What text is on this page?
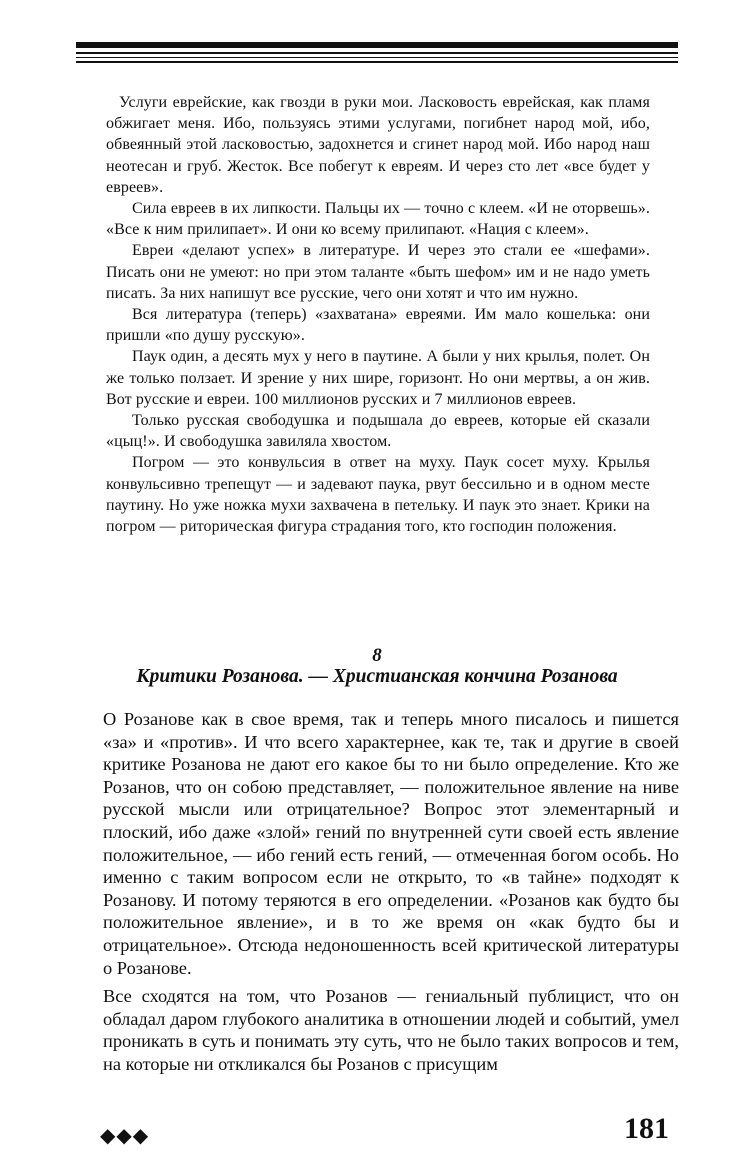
Услуги еврейские, как гвозди в руки мои. Ласковость еврейская, как пламя обжигает меня. Ибо, пользуясь этими услугами, погибнет народ мой, ибо, обвеянный этой ласковостью, задохнется и сгинет народ мой. Ибо народ наш неотесан и груб. Жесток. Все побегут к евреям. И через сто лет «все будет у евреев».

Сила евреев в их липкости. Пальцы их — точно с клеем. «И не оторвешь». «Все к ним прилипает». И они ко всему прилипают. «Нация с клеем».

Евреи «делают успех» в литературе. И через это стали ее «шефами». Писать они не умеют: но при этом таланте «быть шефом» им и не надо уметь писать. За них напишут все русские, чего они хотят и что им нужно.

Вся литература (теперь) «захватана» евреями. Им мало кошелька: они пришли «по душу русскую».

Паук один, а десять мух у него в паутине. А были у них крылья, полет. Он же только ползает. И зрение у них шире, горизонт. Но они мертвы, а он жив. Вот русские и евреи. 100 миллионов русских и 7 миллионов евреев.

Только русская свободушка и подышала до евреев, которые ей сказали «цыц!». И свободушка завиляла хвостом.

Погром — это конвульсия в ответ на муху. Паук сосет муху. Крылья конвульсивно трепещут — и задевают паука, рвут бессильно и в одном месте паутину. Но уже ножка мухи захвачена в петельку. И паук это знает. Крики на погром — риторическая фигура страдания того, кто господин положения.

8
Критики Розанова. — Христианская кончина Розанова

О Розанове как в свое время, так и теперь много писалось и пишется «за» и «против». И что всего характернее, как те, так и другие в своей критике Розанова не дают его какое бы то ни было определение. Кто же Розанов, что он собою представляет, — положительное явление на ниве русской мысли или отрицательное? Вопрос этот элементарный и плоский, ибо даже «злой» гений по внутренней сути своей есть явление положительное, — ибо гений есть гений, — отмеченная богом особь. Но именно с таким вопросом если не открыто, то «в тайне» подходят к Розанову. И потому теряются в его определении. «Розанов как будто бы положительное явление», и в то же время он «как будто бы и отрицательное». Отсюда недоношенность всей критической литературы о Розанове.

Все сходятся на том, что Розанов — гениальный публицист, что он обладал даром глубокого аналитика в отношении людей и событий, умел проникать в суть и понимать эту суть, что не было таких вопросов и тем, на которые ни откликался бы Розанов с присущим

◆◆◆	181
